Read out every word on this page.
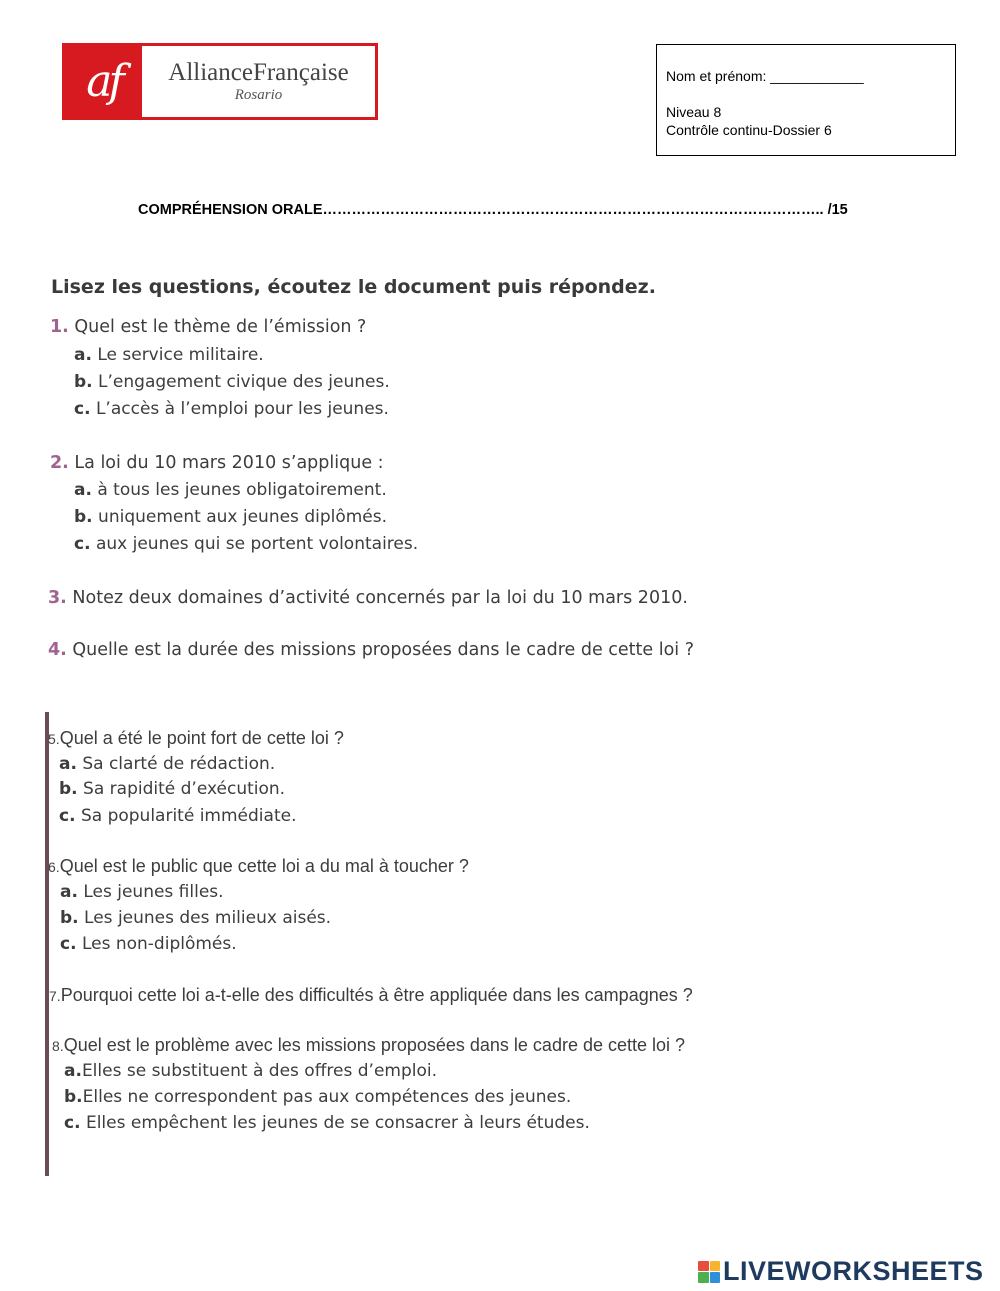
af	AllianceFrançaise
Rosario
Nom et prénom: ____________
Niveau 8
Contrôle continu-Dossier 6
COMPRÉHENSION ORALE………………………………………………………………………………………….. /15
Lisez les questions, écoutez le document puis répondez.
1. Quel est le thème de l’émission ?
a. Le service militaire.
b. L’engagement civique des jeunes.
c. L’accès à l’emploi pour les jeunes.
2. La loi du 10 mars 2010 s’applique :
a. à tous les jeunes obligatoirement.
b. uniquement aux jeunes diplômés.
c. aux jeunes qui se portent volontaires.
3. Notez deux domaines d’activité concernés par la loi du 10 mars 2010.
4. Quelle est la durée des missions proposées dans le cadre de cette loi ?
5.Quel a été le point fort de cette loi ?
a. Sa clarté de rédaction.
b. Sa rapidité d’exécution.
c. Sa popularité immédiate.
6.Quel est le public que cette loi a du mal à toucher ?
a. Les jeunes filles.
b. Les jeunes des milieux aisés.
c. Les non-diplômés.
7.Pourquoi cette loi a-t-elle des difficultés à être appliquée dans les campagnes ?
8.Quel est le problème avec les missions proposées dans le cadre de cette loi ?
a.Elles se substituent à des offres d’emploi.
b.Elles ne correspondent pas aux compétences des jeunes.
c. Elles empêchent les jeunes de se consacrer à leurs études.
LIVEWORKSHEETS
